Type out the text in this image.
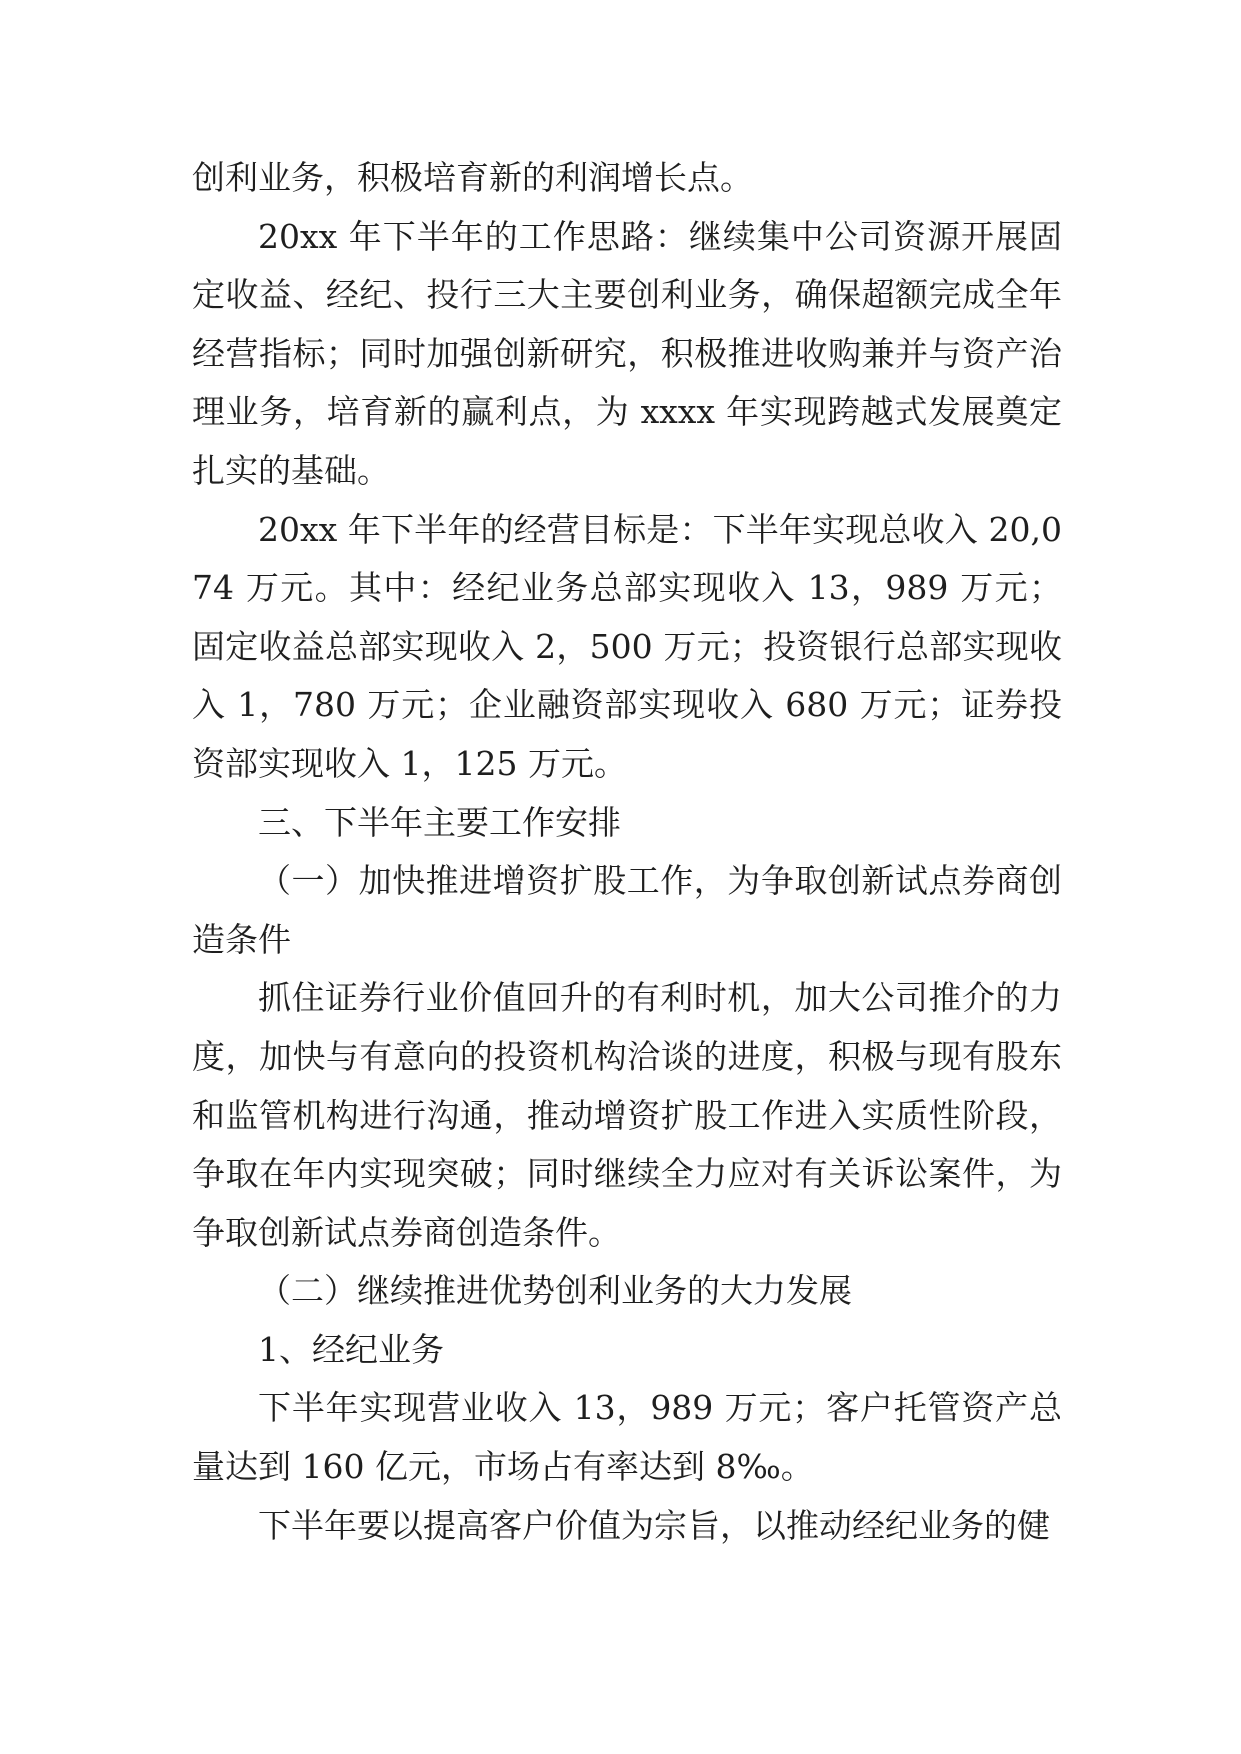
创利业务，积极培育新的利润增长点。

20xx 年下半年的工作思路：继续集中公司资源开展固定收益、经纪、投行三大主要创利业务，确保超额完成全年经营指标；同时加强创新研究，积极推进收购兼并与资产治理业务，培育新的赢利点，为 xxxx 年实现跨越式发展奠定扎实的基础。

20xx 年下半年的经营目标是：下半年实现总收入 20,074 万元。其中：经纪业务总部实现收入 13，989 万元；固定收益总部实现收入 2，500 万元；投资银行总部实现收入 1，780 万元；企业融资部实现收入 680 万元；证券投资部实现收入 1，125 万元。

三、下半年主要工作安排

（一）加快推进增资扩股工作，为争取创新试点券商创造条件

抓住证券行业价值回升的有利时机，加大公司推介的力度，加快与有意向的投资机构洽谈的进度，积极与现有股东和监管机构进行沟通，推动增资扩股工作进入实质性阶段，争取在年内实现突破；同时继续全力应对有关诉讼案件，为争取创新试点券商创造条件。

（二）继续推进优势创利业务的大力发展

1、经纪业务

下半年实现营业收入 13，989 万元；客户托管资产总量达到 160 亿元，市场占有率达到 8‰。

下半年要以提高客户价值为宗旨，以推动经纪业务的健
